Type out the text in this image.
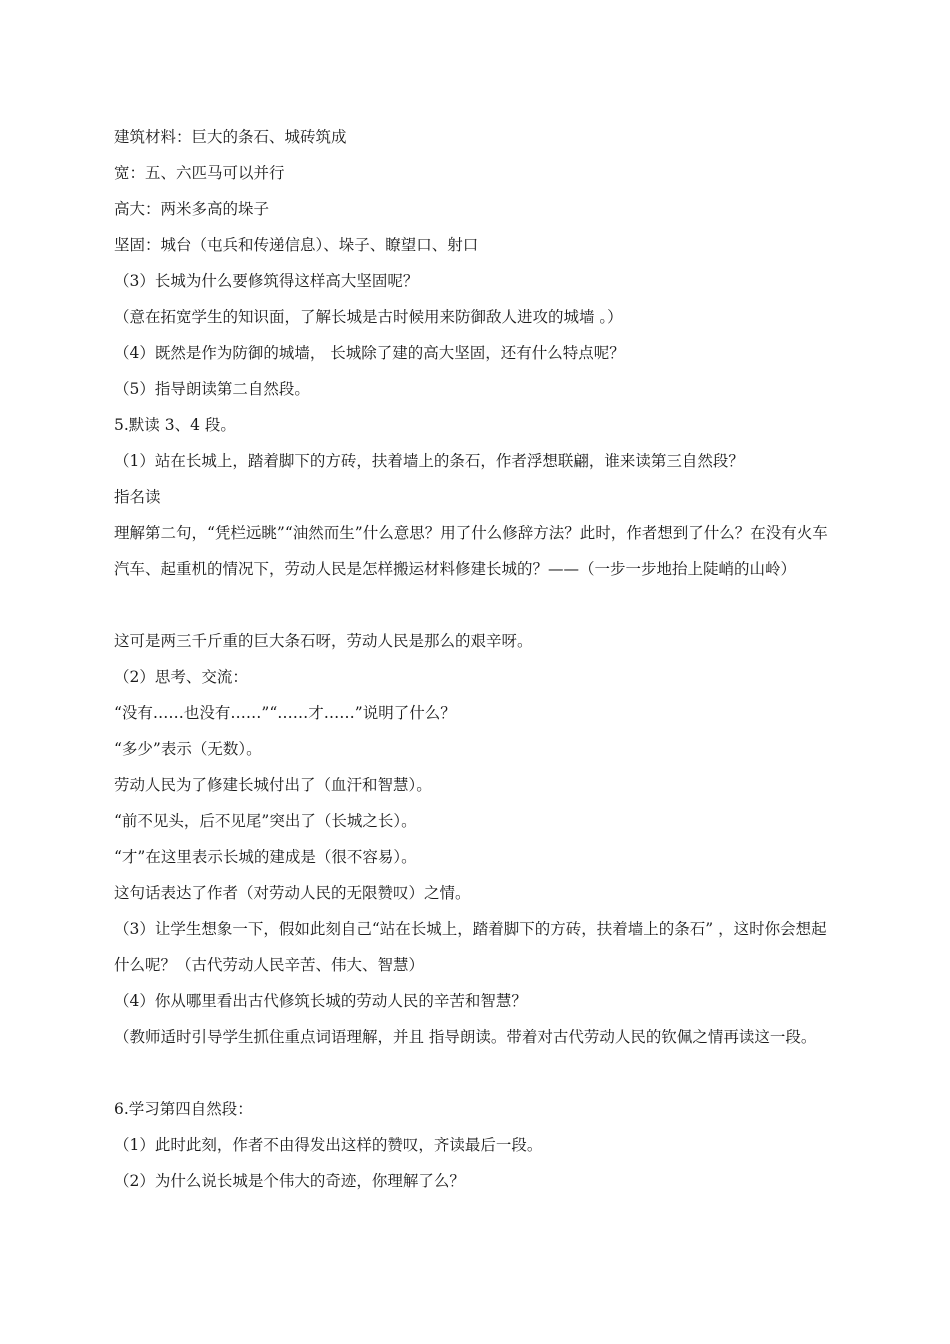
建筑材料：巨大的条石、城砖筑成
宽：五、六匹马可以并行
高大：两米多高的垛子
坚固：城台（屯兵和传递信息）、垛子、瞭望口、射口
（3）长城为什么要修筑得这样高大坚固呢？
（意在拓宽学生的知识面，了解长城是古时候用来防御敌人进攻的城墙 。）
（4）既然是作为防御的城墙， 长城除了建的高大坚固，还有什么特点呢？
（5）指导朗读第二自然段。
5.默读 3、4 段。
（1）站在长城上，踏着脚下的方砖，扶着墙上的条石，作者浮想联翩，谁来读第三自然段？
指名读
理解第二句，“凭栏远眺”“油然而生”什么意思？用了什么修辞方法？此时，作者想到了什么？在没有火车汽车、起重机的情况下，劳动人民是怎样搬运材料修建长城的？——（一步一步地抬上陡峭的山岭）
这可是两三千斤重的巨大条石呀，劳动人民是那么的艰辛呀。
（2）思考、交流：
“没有……也没有……”“……才……”说明了什么？
“多少”表示（无数）。
劳动人民为了修建长城付出了（血汗和智慧）。
“前不见头，后不见尾”突出了（长城之长）。
“才”在这里表示长城的建成是（很不容易）。
这句话表达了作者（对劳动人民的无限赞叹）之情。
（3）让学生想象一下，假如此刻自己“站在长城上，踏着脚下的方砖，扶着墙上的条石” ，这时你会想起什么呢？（古代劳动人民辛苦、伟大、智慧）
（4）你从哪里看出古代修筑长城的劳动人民的辛苦和智慧？
（教师适时引导学生抓住重点词语理解，并且 指导朗读。带着对古代劳动人民的钦佩之情再读这一段。
6.学习第四自然段：
（1）此时此刻，作者不由得发出这样的赞叹，齐读最后一段。
（2）为什么说长城是个伟大的奇迹，你理解了么？
